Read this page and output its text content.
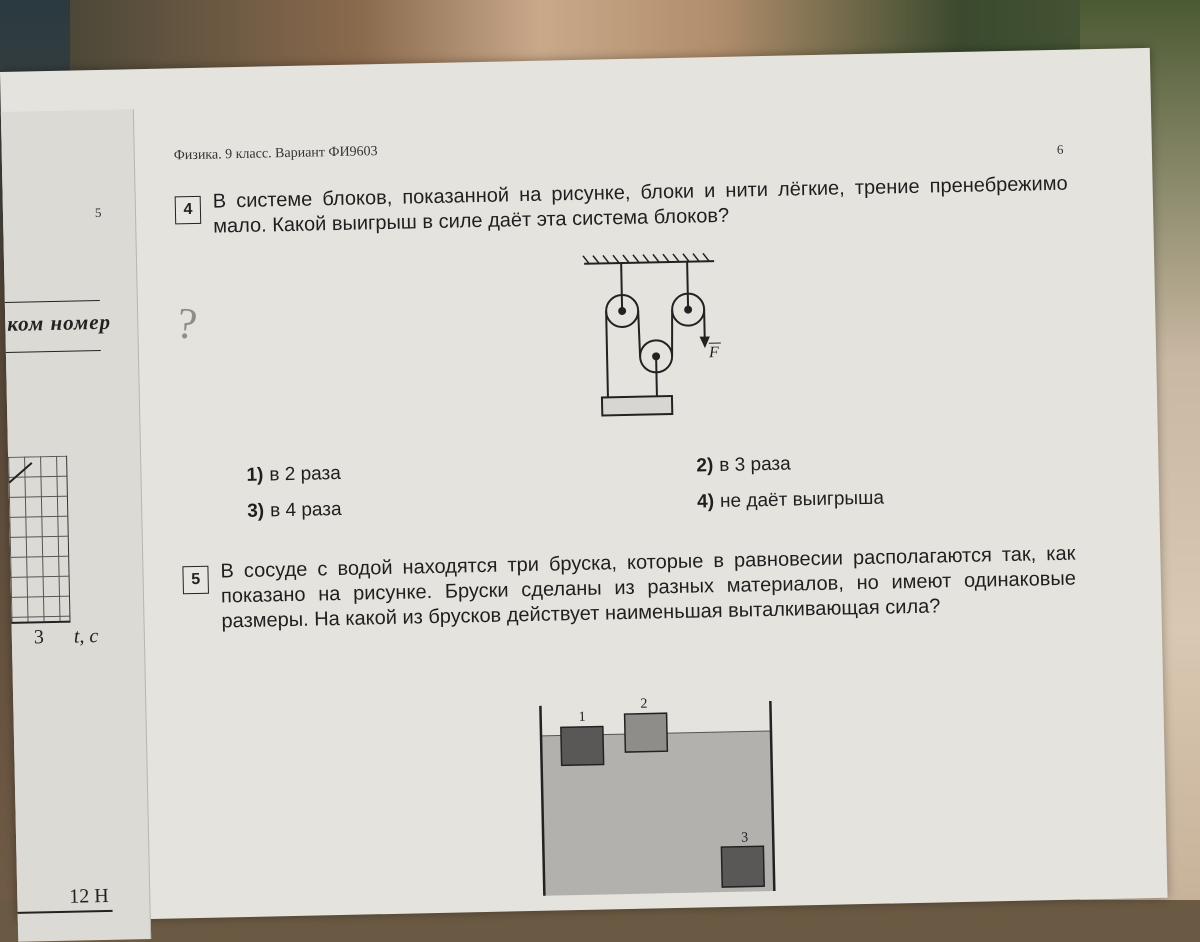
5
ком номер
3 t, с
12 Н
Физика. 9 класс. Вариант ФИ9603	6
4 В системе блоков, показанной на рисунке, блоки и нити лёгкие, трение пренебрежимо мало. Какой выигрыш в силе даёт эта система блоков?
?
F
1) в 2 раза	2) в 3 раза
3) в 4 раза	4) не даёт выигрыша
5 В сосуде с водой находятся три бруска, которые в равновесии располагаются так, как показано на рисунке. Бруски сделаны из разных материалов, но имеют одинаковые размеры. На какой из брусков действует наименьшая выталкивающая сила?
1
2
3
